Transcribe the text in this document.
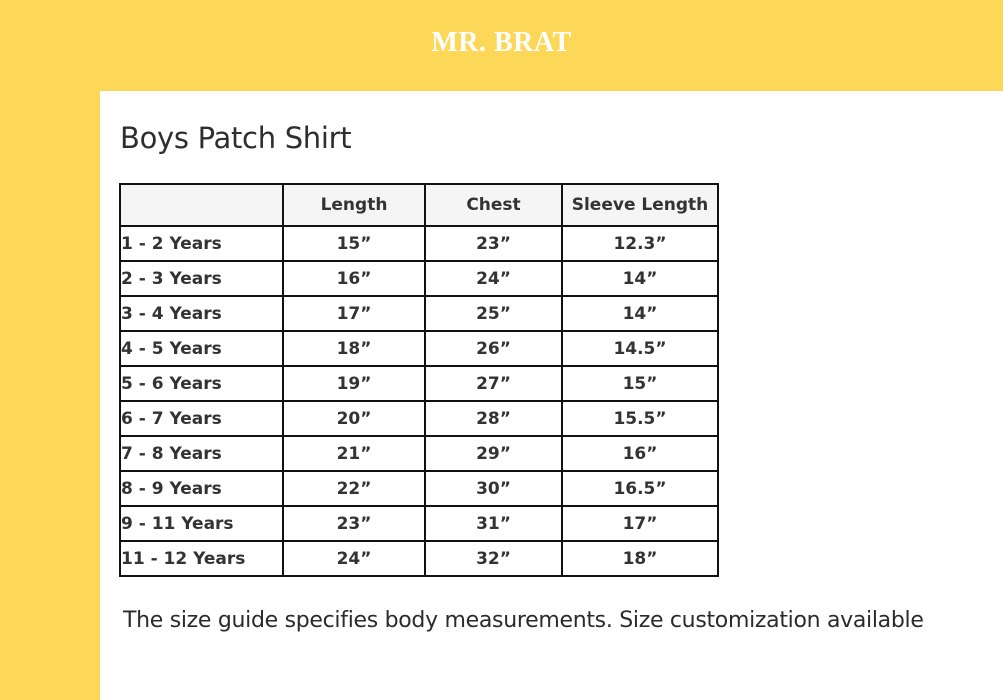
MR. BRAT
Boys Patch Shirt
	Length	Chest	Sleeve Length
1 - 2 Years	15”	23”	12.3”
2 - 3 Years	16”	24”	14”
3 - 4 Years	17”	25”	14”
4 - 5 Years	18”	26”	14.5”
5 - 6 Years	19”	27”	15”
6 - 7 Years	20”	28”	15.5”
7 - 8 Years	21”	29”	16”
8 - 9 Years	22”	30”	16.5”
9 - 11 Years	23”	31”	17”
11 - 12 Years	24”	32”	18”
The size guide specifies body measurements. Size customization available
